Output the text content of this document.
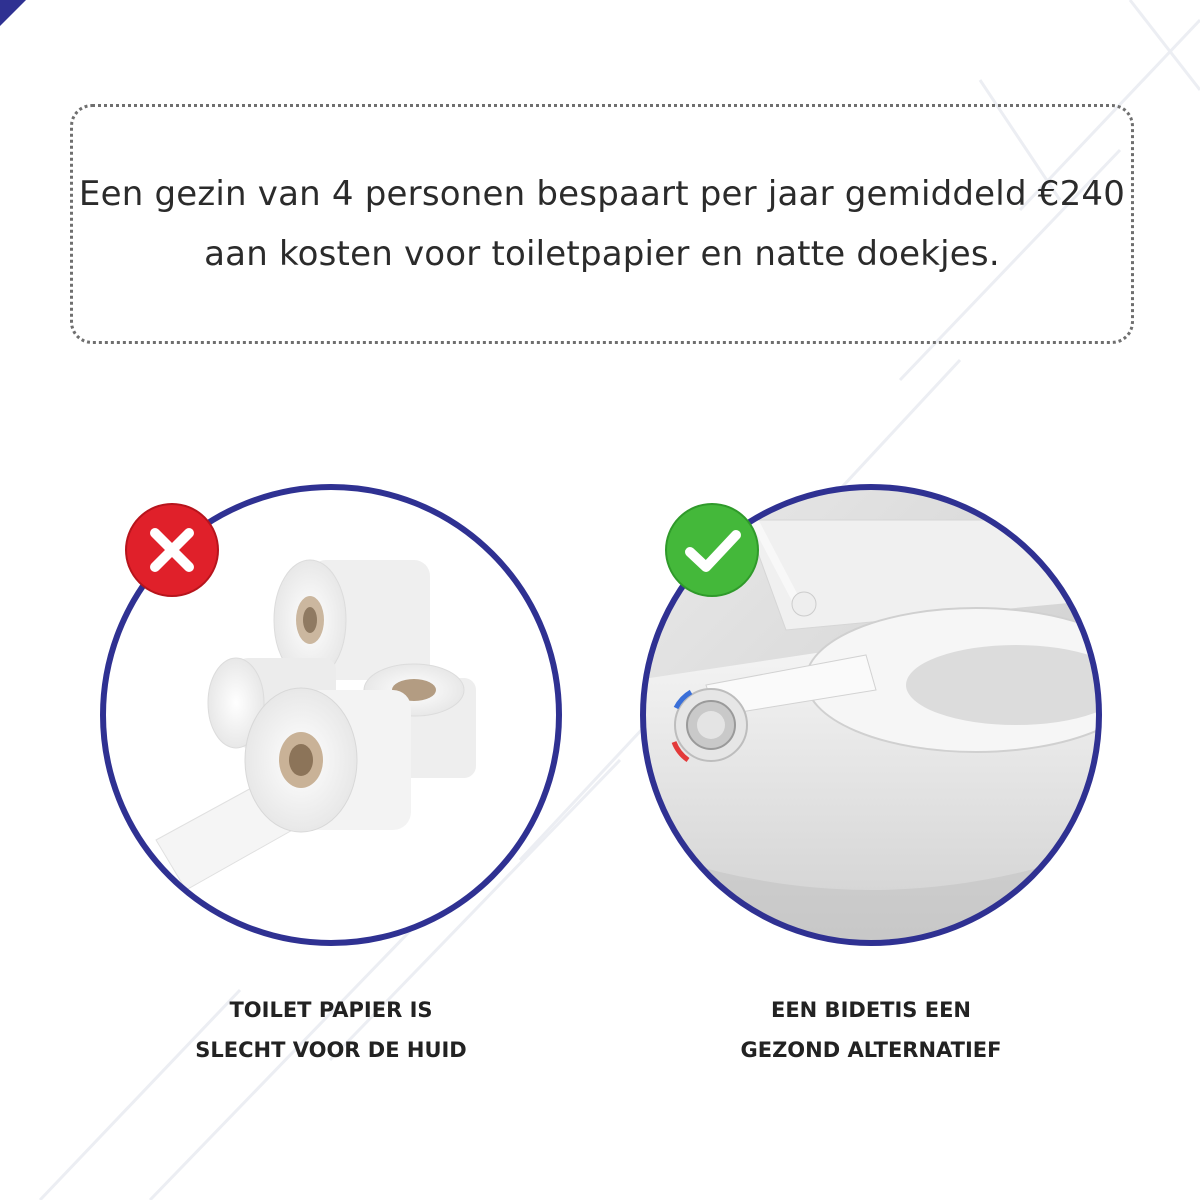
Een gezin van 4 personen bespaart per jaar gemiddeld €240
aan kosten voor toiletpapier en natte doekjes.

TOILET PAPIER IS
SLECHT VOOR DE HUID

EEN BIDETIS EEN
GEZOND ALTERNATIEF
